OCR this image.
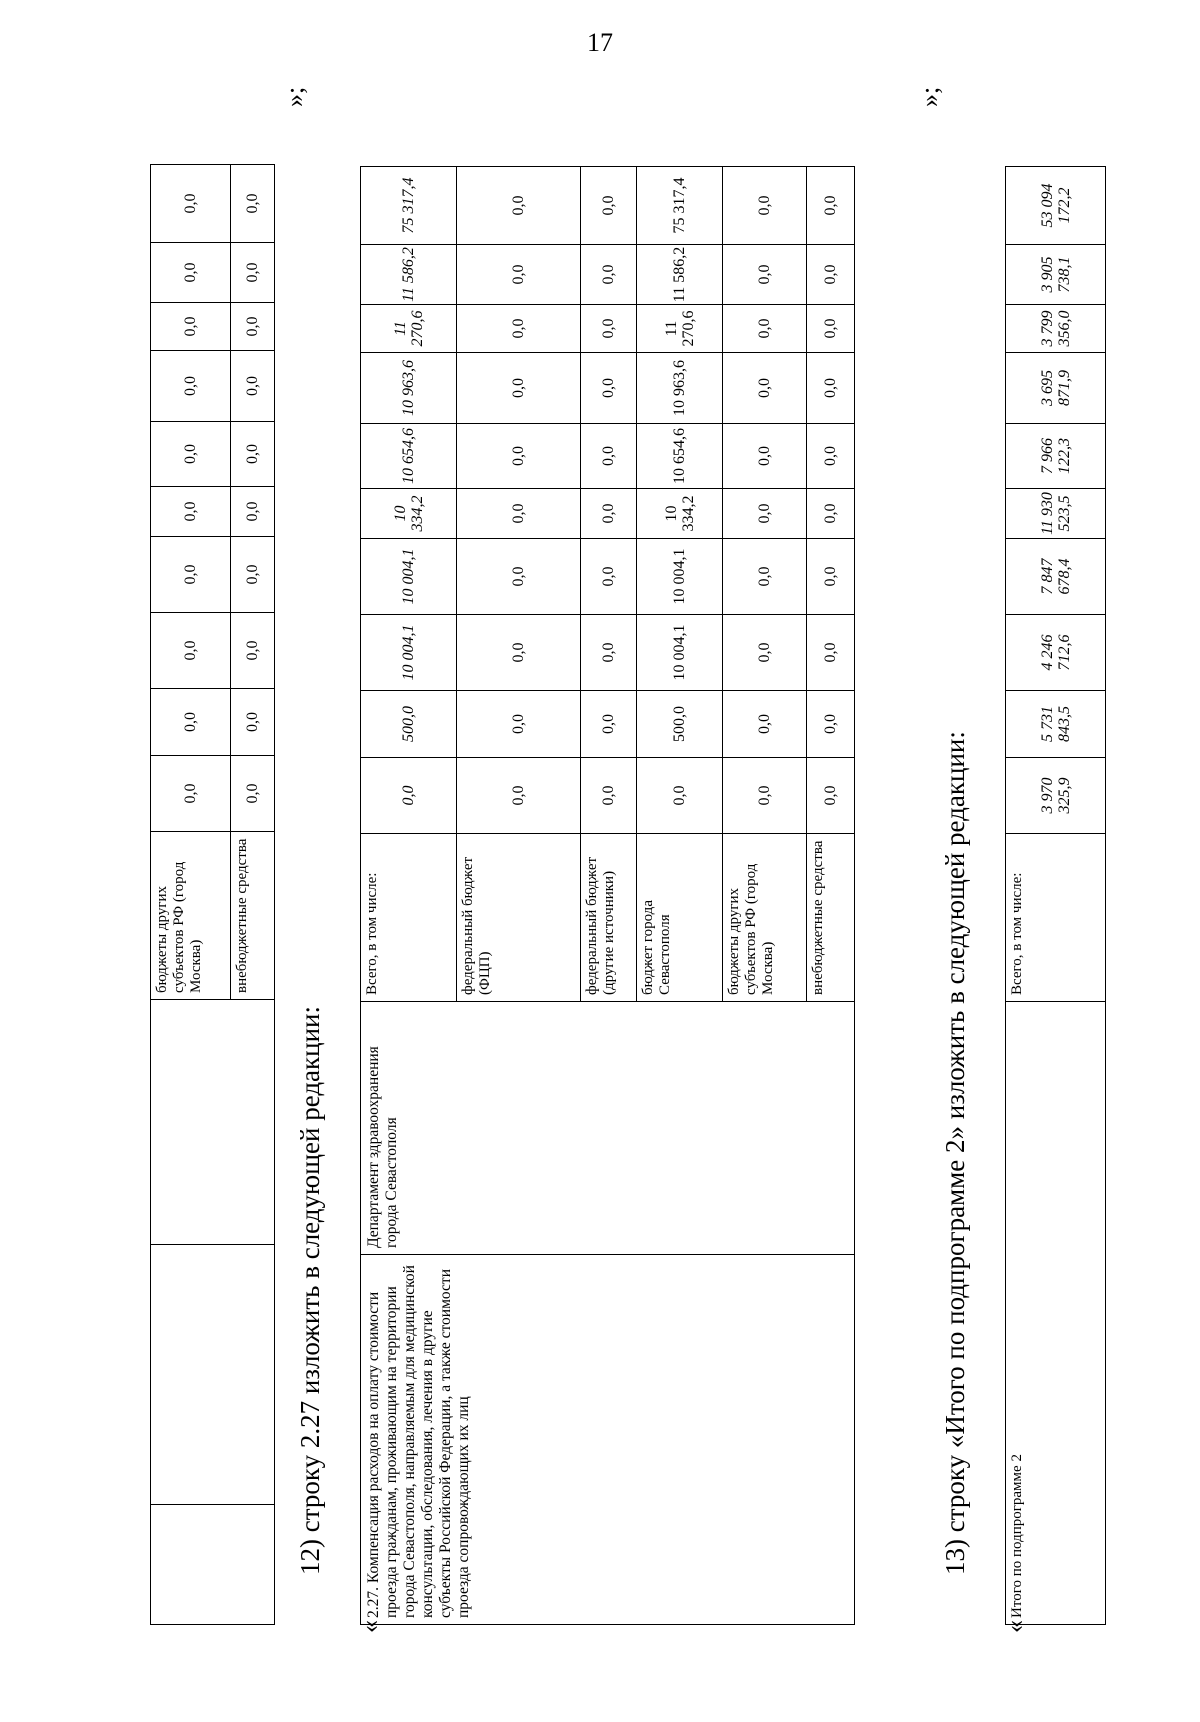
17
			бюджеты других субъектов РФ (город Москва)	0,0	0,0	0,0	0,0	0,0	0,0	0,0	0,0	0,0	0,0
			внебюджетные средства	0,0	0,0	0,0	0,0	0,0	0,0	0,0	0,0	0,0	0,0
»;
12) строку 2.27 изложить в следующей редакции:
«
2.27. Компенсация расходов на оплату стоимости проезда гражданам, проживающим на территории города Севастополя, направляемым для медицинской консультации, обследования, лечения в другие субъекты Российской Федерации, а также стоимости проезда сопровождающих их лиц	Департамент здравоохранения города Севастополя	Всего, в том числе:	0,0	500,0	10 004,1	10 004,1	10 334,2	10 654,6	10 963,6	11 270,6	11 586,2	75 317,4
		федеральный бюджет (ФЦП)	0,0	0,0	0,0	0,0	0,0	0,0	0,0	0,0	0,0	0,0
		федеральный бюджет (другие источники)	0,0	0,0	0,0	0,0	0,0	0,0	0,0	0,0	0,0	0,0
		бюджет города Севастополя	0,0	500,0	10 004,1	10 004,1	10 334,2	10 654,6	10 963,6	11 270,6	11 586,2	75 317,4
		бюджеты других субъектов РФ (город Москва)	0,0	0,0	0,0	0,0	0,0	0,0	0,0	0,0	0,0	0,0
		внебюджетные средства	0,0	0,0	0,0	0,0	0,0	0,0	0,0	0,0	0,0	0,0
»;
13) строку «Итого по подпрограмме 2» изложить в следующей редакции:
«
Итого по подпрограмме 2	Всего, в том числе:	3 970 325,9	5 731 843,5	4 246 712,6	7 847 678,4	11 930 523,5	7 966 122,3	3 695 871,9	3 799 356,0	3 905 738,1	53 094 172,2
